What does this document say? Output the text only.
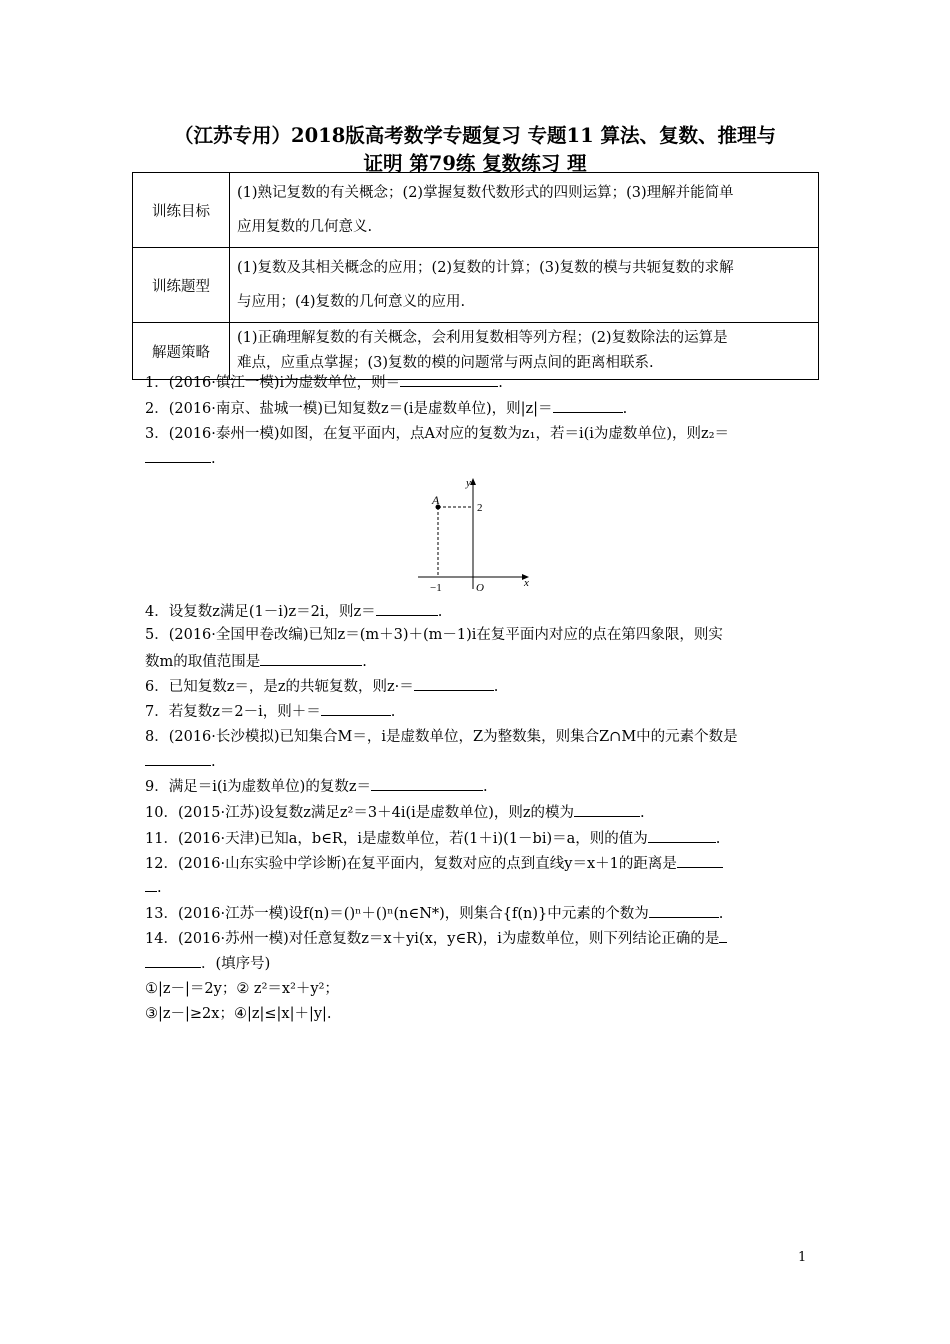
（江苏专用）2018版高考数学专题复习 专题11 算法、复数、推理与
证明 第79练 复数练习 理
训练目标	(1)熟记复数的有关概念；(2)掌握复数代数形式的四则运算；(3)理解并能简单
应用复数的几何意义.

训练题型	(1)复数及其相关概念的应用；(2)复数的计算；(3)复数的模与共轭复数的求解
与应用；(4)复数的几何意义的应用.

解题策略	(1)正确理解复数的有关概念，会利用复数相等列方程；(2)复数除法的运算是
难点，应重点掌握；(3)复数的模的问题常与两点间的距离相联系.
1．(2016·镇江一模)i为虚数单位，则＝	.
2．(2016·南京、盐城一模)已知复数z＝(i是虚数单位)，则|z|＝	.
3．(2016·泰州一模)如图，在复平面内，点A对应的复数为z₁，若＝i(i为虚数单位)，则z₂＝
.
A
y
x
O
2
−1
4．设复数z满足(1－i)z＝2i，则z＝	.
5．(2016·全国甲卷改编)已知z＝(m＋3)＋(m－1)i在复平面内对应的点在第四象限，则实
数m的取值范围是	.
6．已知复数z＝，是z的共轭复数，则z·＝	.
7．若复数z＝2－i，则＋＝	.
8．(2016·长沙模拟)已知集合M＝，i是虚数单位，Z为整数集，则集合Z∩M中的元素个数是
.
9．满足＝i(i为虚数单位)的复数z＝	.
10．(2015·江苏)设复数z满足z²＝3＋4i(i是虚数单位)，则z的模为	.
11．(2016·天津)已知a，b∈R，i是虚数单位，若(1＋i)(1－bi)＝a，则的值为	.
12．(2016·山东实验中学诊断)在复平面内，复数对应的点到直线y＝x＋1的距离是
.
13．(2016·江苏一模)设f(n)＝()ⁿ＋()ⁿ(n∈N*)，则集合{f(n)}中元素的个数为	.
14．(2016·苏州一模)对任意复数z＝x＋yi(x，y∈R)，i为虚数单位，则下列结论正确的是
．(填序号)
①|z－|＝2y；② z²＝x²＋y²；
③|z－|≥2x；④|z|≤|x|＋|y|.
1
